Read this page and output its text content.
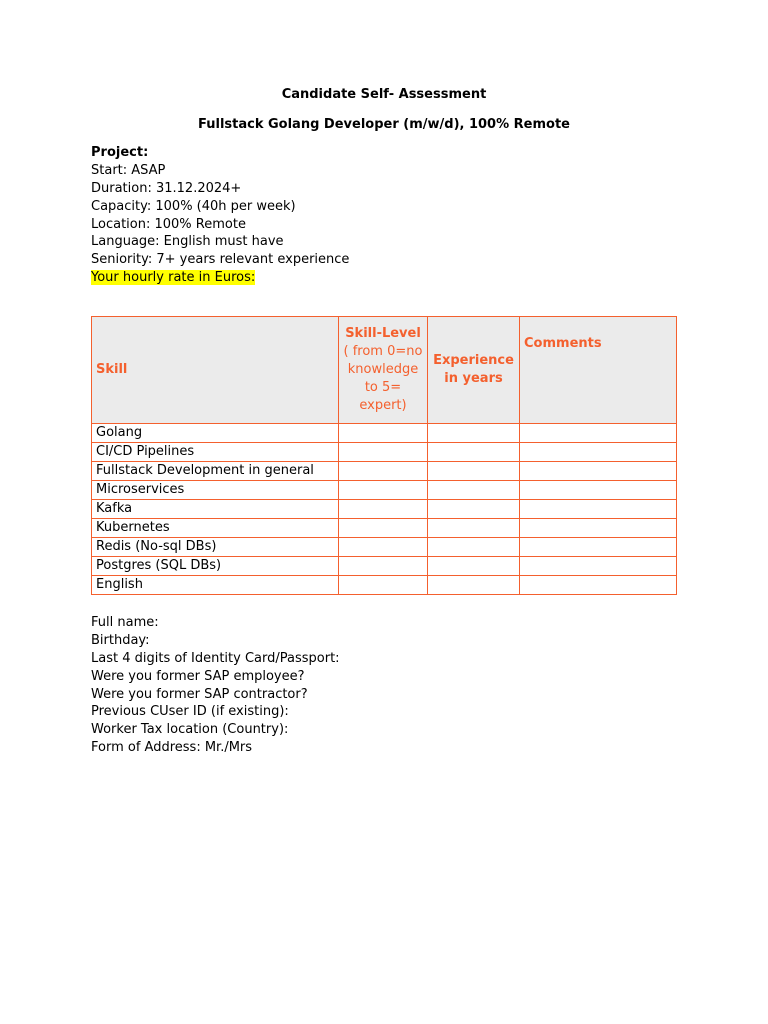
Candidate Self- Assessment
Fullstack Golang Developer (m/w/d), 100% Remote
Project:
Start: ASAP
Duration: 31.12.2024+
Capacity: 100% (40h per week)
Location: 100% Remote
Language: English must have
Seniority: 7+ years relevant experience
Your hourly rate in Euros:
Skill	Skill-Level ( from 0=no knowledge to 5= expert)	Experience in years	Comments
Golang			
CI/CD Pipelines			
Fullstack Development in general			
Microservices			
Kafka			
Kubernetes			
Redis (No-sql DBs)			
Postgres (SQL DBs)			
English			
Full name:
Birthday:
Last 4 digits of Identity Card/Passport:
Were you former SAP employee?
Were you former SAP contractor?
Previous CUser ID (if existing):
Worker Tax location (Country):
Form of Address: Mr./Mrs
